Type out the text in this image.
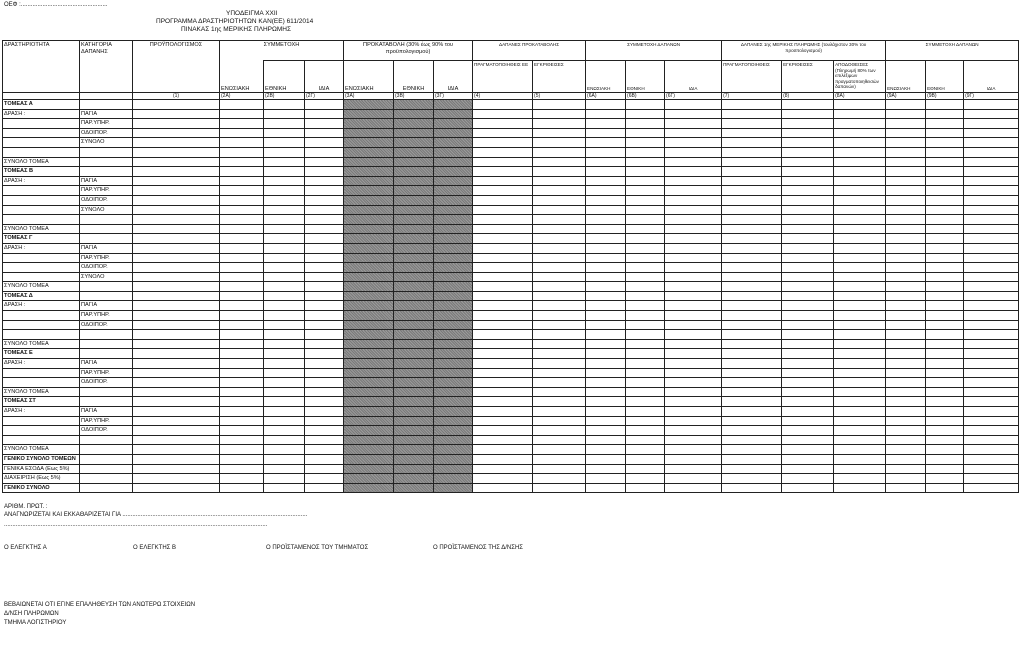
ΟΕΦ :....................................................
ΥΠΟΔΕΙΓΜΑ XXII
ΠΡΟΓΡΑΜΜΑ ΔΡΑΣΤΗΡΙΟΤΗΤΩΝ ΚΑΝ(ΕΕ) 611/2014
ΠΙΝΑΚΑΣ 1ης ΜΕΡΙΚΗΣ ΠΛΗΡΩΜΗΣ
ΔΡΑΣΤΗΡΙΟΤΗΤΑ	ΚΑΤΗΓΟΡΙΑ ΔΑΠΑΝΗΣ	ΠΡΟΫΠΟΛΟΓΙΣΜΟΣ	ΣΥΜΜΕΤΟΧΗ			ΠΡΟΚΑΤΑΒΟΛΗ (30% έως 90% του προϋπολογισμού)			ΔΑΠΑΝΕΣ ΠΡΟΚΑΤΑΒΟΛΗΣ		ΣΥΜΜΕΤΟΧΗ ΔΑΠΑΝΩΝ			ΔΑΠΑΝΕΣ 1ης ΜΕΡΙΚΗΣ ΠΛΗΡΩΜΗΣ (τουλάχιστον 30% του προϋπολογισμού)			ΣΥΜΜΕΤΟΧΗ ΔΑΠΑΝΩΝ		
			ΕΝΩΣΙΑΚΗ	ΕΘΝΙΚΗ	ΙΔΙΑ	ΕΝΩΣΙΑΚΗ	ΕΘΝΙΚΗ	ΙΔΙΑ	ΠΡΑΓΜΑΤΟΠΟΙΗΘΕΙΣ ΕΕ	ΕΓΚΡΙΘΕΙΣΕΣ	ΕΝΩΣΙΑΚΗ	ΕΘΝΙΚΗ	ΙΔΙΑ	ΠΡΑΓΜΑΤΟΠΟΙΗΘΕΙΣ	ΕΓΚΡΙΘΕΙΣΕΣ	ΑΠΟΔΟΘΕΙΣΕΣ (Πληρωμή 80% των επιλέξιμων πραγματοποιηθεισών δαπανών)	ΕΝΩΣΙΑΚΗ	ΕΘΝΙΚΗ	ΙΔΙΑ
		(1)	(2Α)	(2Β)	(2Γ)	(3Α)	(3Β)	(3Γ)	(4)	(5)	(6Α)	(6Β)	(6Γ)	(7)	(8)	(8Α)	(9Α)	(9Β)	(9Γ)
ΤΟΜΕΑΣ Α																			
ΔΡΑΣΗ :	ΠΑΓΙΑ																		
	ΠΑΡ.ΥΠΗΡ.																		
	ΟΔΟΙΠΟΡ.																		
	ΣΥΝΟΛΟ																		

ΣΥΝΟΛΟ ΤΟΜΕΑ																			
ΤΟΜΕΑΣ Β																			
ΔΡΑΣΗ :	ΠΑΓΙΑ																		
	ΠΑΡ.ΥΠΗΡ.																		
	ΟΔΟΙΠΟΡ.																		
	ΣΥΝΟΛΟ																		

ΣΥΝΟΛΟ ΤΟΜΕΑ																			
ΤΟΜΕΑΣ Γ																			
ΔΡΑΣΗ :	ΠΑΓΙΑ																		
	ΠΑΡ.ΥΠΗΡ.																		
	ΟΔΟΙΠΟΡ.																		
	ΣΥΝΟΛΟ																		
ΣΥΝΟΛΟ ΤΟΜΕΑ																			
ΤΟΜΕΑΣ Δ																			
ΔΡΑΣΗ :	ΠΑΓΙΑ																		
	ΠΑΡ.ΥΠΗΡ.																		
	ΟΔΟΙΠΟΡ.																		

ΣΥΝΟΛΟ ΤΟΜΕΑ																			
ΤΟΜΕΑΣ Ε																			
ΔΡΑΣΗ :	ΠΑΓΙΑ																		
	ΠΑΡ.ΥΠΗΡ.																		
	ΟΔΟΙΠΟΡ.																		
ΣΥΝΟΛΟ ΤΟΜΕΑ																			
ΤΟΜΕΑΣ ΣΤ																			
ΔΡΑΣΗ :	ΠΑΓΙΑ																		
	ΠΑΡ.ΥΠΗΡ.																		
	ΟΔΟΙΠΟΡ.																		

ΣΥΝΟΛΟ ΤΟΜΕΑ																			
ΓΕΝΙΚΟ ΣΥΝΟΛΟ ΤΟΜΕΩΝ																			
ΓΕΝΙΚΑ ΕΣΟΔΑ (Εως 5%)																			
ΔΙΑΧΕΙΡΙΣΗ (Εως 5%)																			
ΓΕΝΙΚΟ ΣΥΝΟΛΟ																			
ΑΡΙΘΜ. ΠΡΩΤ. :
ΑΝΑΓΝΩΡΙΖΕΤΑΙ ΚΑΙ ΕΚΚΑΘΑΡΙΖΕΤΑΙ ΓΙΑ ...............................................................................................................
..............................................................................................................................................................
Ο ΕΛΕΓΚΤΗΣ Α	Ο ΕΛΕΓΚΤΗΣ Β	Ο ΠΡΟΪΣΤΑΜΕΝΟΣ ΤΟΥ ΤΜΗΜΑΤΟΣ	Ο ΠΡΟΪΣΤΑΜΕΝΟΣ ΤΗΣ Δ/ΝΣΗΣ
ΒΕΒΑΙΩΝΕΤΑΙ ΟΤΙ ΕΓΙΝΕ ΕΠΑΛΗΘΕΥΣΗ ΤΩΝ ΑΝΩΤΕΡΩ ΣΤΟΙΧΕΙΩΝ
Δ/ΝΣΗ ΠΛΗΡΩΜΩΝ
ΤΜΗΜΑ ΛΟΓΙΣΤΗΡΙΟΥ
